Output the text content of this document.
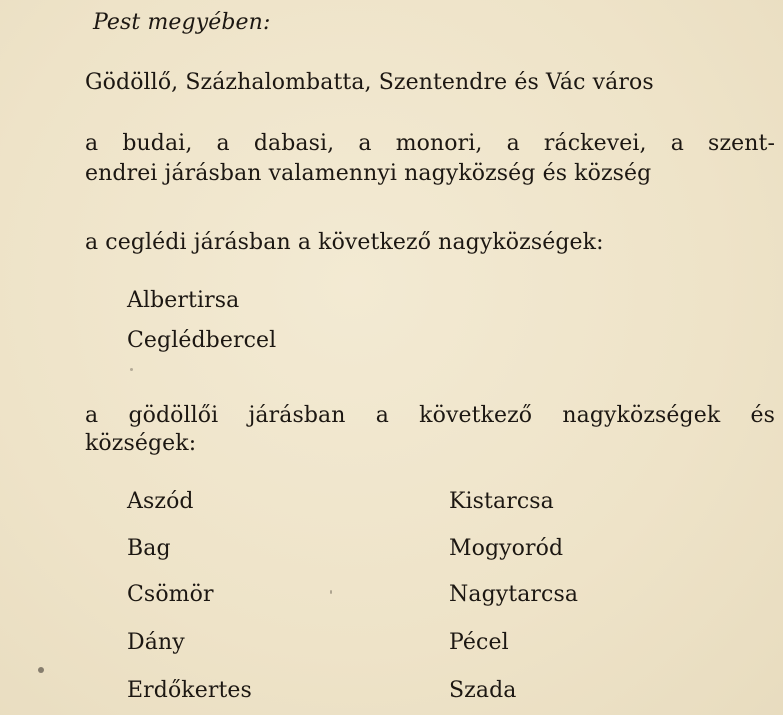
Pest megyében:
Gödöllő, Százhalombatta, Szentendre és Vác város
a budai, a dabasi, a monori, a ráckevei, a szent-
endrei járásban valamennyi nagyközség és község
a ceglédi járásban a következő nagyközségek:
Albertirsa
Ceglédbercel
a gödöllői járásban a következő nagyközségek és
községek:
Aszód
Bag
Csömör
Dány
Erdőkertes
Kistarcsa
Mogyoród
Nagytarcsa
Pécel
Szada
